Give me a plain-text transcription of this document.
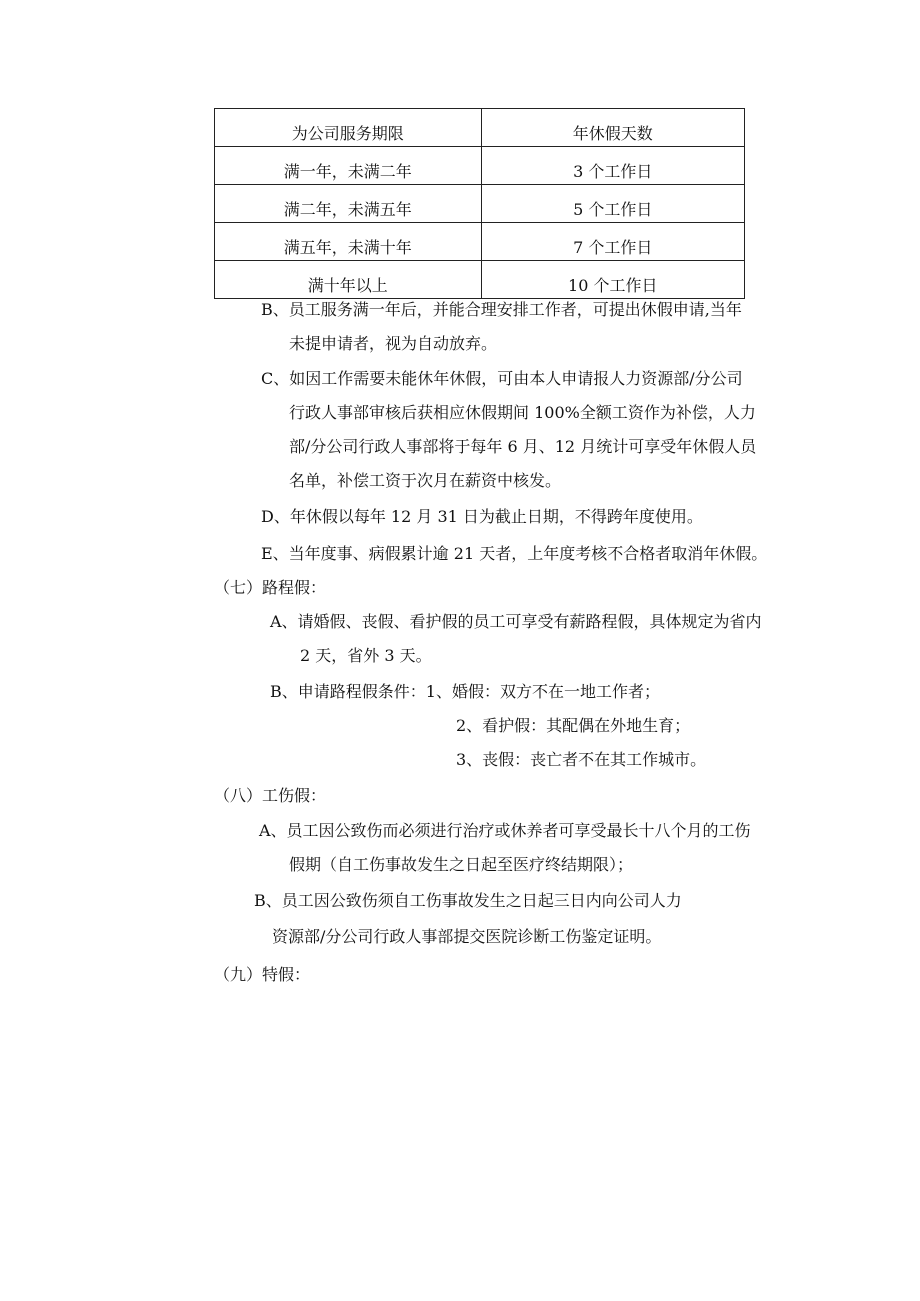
为公司服务期限	年休假天数
满一年，未满二年	3 个工作日
满二年，未满五年	5 个工作日
满五年，未满十年	7 个工作日
满十年以上	10 个工作日
B、员工服务满一年后，并能合理安排工作者，可提出休假申请,当年
未提申请者，视为自动放弃。
C、如因工作需要未能休年休假，可由本人申请报人力资源部/分公司
行政人事部审核后获相应休假期间 100%全额工资作为补偿，人力
部/分公司行政人事部将于每年 6 月、12 月统计可享受年休假人员
名单，补偿工资于次月在薪资中核发。
D、年休假以每年 12 月 31 日为截止日期，不得跨年度使用。
E、当年度事、病假累计逾 21 天者，上年度考核不合格者取消年休假。
（七）路程假：
A、请婚假、丧假、看护假的员工可享受有薪路程假，具体规定为省内
2 天，省外 3 天。
B、申请路程假条件：1、婚假：双方不在一地工作者；
2、看护假：其配偶在外地生育；
3、丧假：丧亡者不在其工作城市。
（八）工伤假：
A、员工因公致伤而必须进行治疗或休养者可享受最长十八个月的工伤
假期（自工伤事故发生之日起至医疗终结期限）；
B、员工因公致伤须自工伤事故发生之日起三日内向公司人力
资源部/分公司行政人事部提交医院诊断工伤鉴定证明。
（九）特假：
